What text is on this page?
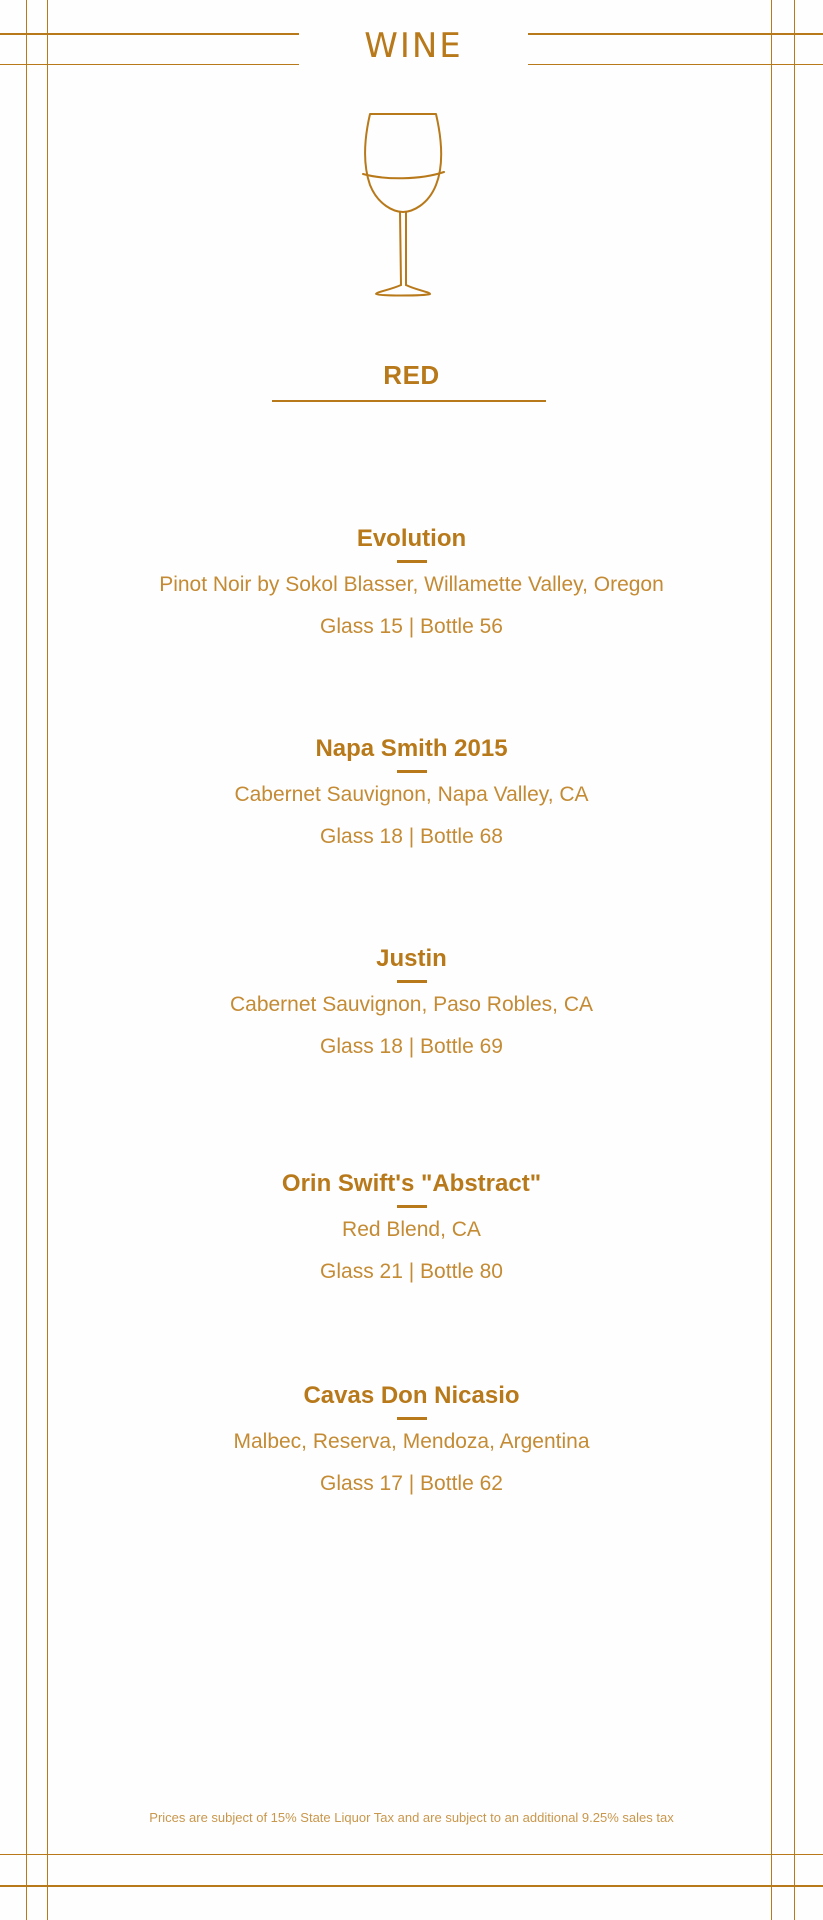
WINE
RED
Evolution
Pinot Noir by Sokol Blasser, Willamette Valley, Oregon
Glass 15 | Bottle 56
Napa Smith 2015
Cabernet Sauvignon, Napa Valley, CA
Glass 18 | Bottle 68
Justin
Cabernet Sauvignon, Paso Robles, CA
Glass 18 | Bottle 69
Orin Swift's "Abstract"
Red Blend, CA
Glass 21 | Bottle 80
Cavas Don Nicasio
Malbec, Reserva, Mendoza, Argentina
Glass 17 | Bottle 62
Prices are subject of 15% State Liquor Tax and are subject to an additional 9.25% sales tax
